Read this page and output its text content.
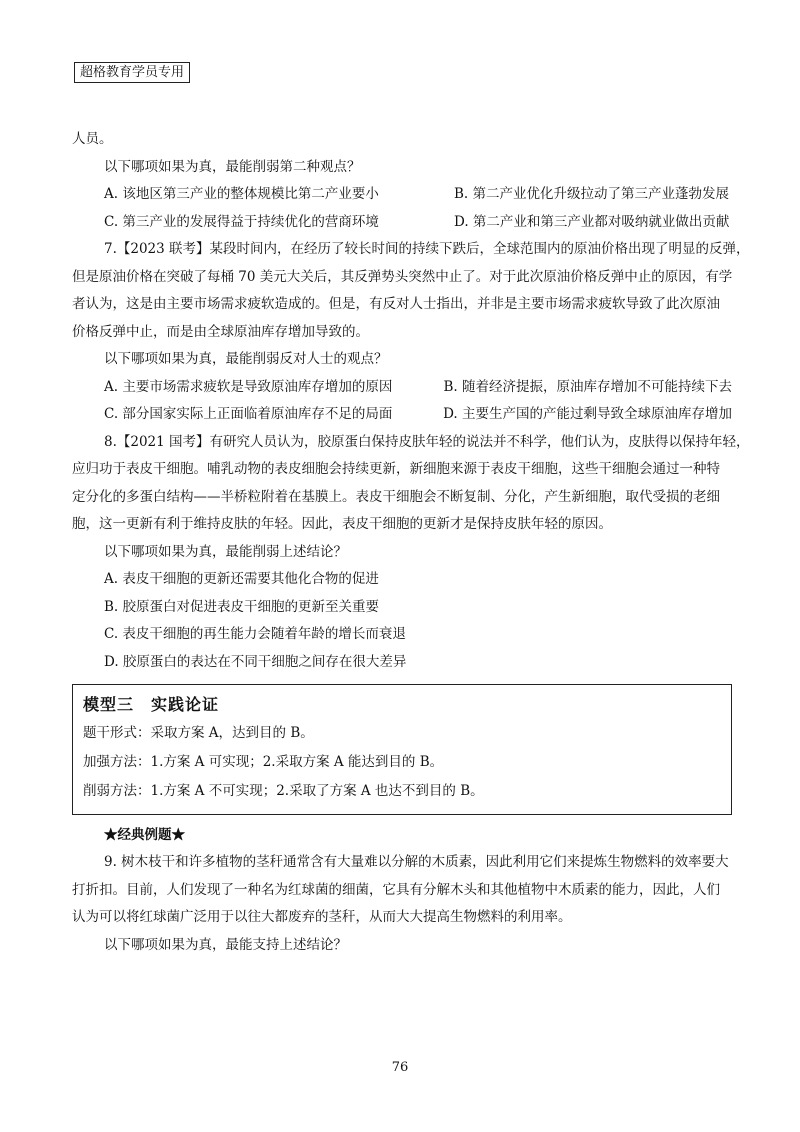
超格教育学员专用
人员。
以下哪项如果为真，最能削弱第二种观点？
A. 该地区第三产业的整体规模比第二产业要小	B. 第二产业优化升级拉动了第三产业蓬勃发展
C. 第三产业的发展得益于持续优化的营商环境	D. 第二产业和第三产业都对吸纳就业做出贡献
7.【2023 联考】某段时间内，在经历了较长时间的持续下跌后，全球范围内的原油价格出现了明显的反弹，
但是原油价格在突破了每桶 70 美元大关后，其反弹势头突然中止了。对于此次原油价格反弹中止的原因，有学
者认为，这是由主要市场需求疲软造成的。但是，有反对人士指出，并非是主要市场需求疲软导致了此次原油
价格反弹中止，而是由全球原油库存增加导致的。
以下哪项如果为真，最能削弱反对人士的观点？
A. 主要市场需求疲软是导致原油库存增加的原因	B. 随着经济提振，原油库存增加不可能持续下去
C. 部分国家实际上正面临着原油库存不足的局面	D. 主要生产国的产能过剩导致全球原油库存增加
8.【2021 国考】有研究人员认为，胶原蛋白保持皮肤年轻的说法并不科学，他们认为，皮肤得以保持年轻，
应归功于表皮干细胞。哺乳动物的表皮细胞会持续更新，新细胞来源于表皮干细胞，这些干细胞会通过一种特
定分化的多蛋白结构——半桥粒附着在基膜上。表皮干细胞会不断复制、分化，产生新细胞，取代受损的老细
胞，这一更新有利于维持皮肤的年轻。因此，表皮干细胞的更新才是保持皮肤年轻的原因。
以下哪项如果为真，最能削弱上述结论？
A. 表皮干细胞的更新还需要其他化合物的促进
B. 胶原蛋白对促进表皮干细胞的更新至关重要
C. 表皮干细胞的再生能力会随着年龄的增长而衰退
D. 胶原蛋白的表达在不同干细胞之间存在很大差异
模型三　实践论证
题干形式：采取方案 A，达到目的 B。
加强方法：1.方案 A 可实现；2.采取方案 A 能达到目的 B。
削弱方法：1.方案 A 不可实现；2.采取了方案 A 也达不到目的 B。
★经典例题★
9. 树木枝干和许多植物的茎秆通常含有大量难以分解的木质素，因此利用它们来提炼生物燃料的效率要大
打折扣。目前，人们发现了一种名为红球菌的细菌，它具有分解木头和其他植物中木质素的能力，因此，人们
认为可以将红球菌广泛用于以往大都废弃的茎秆，从而大大提高生物燃料的利用率。
以下哪项如果为真，最能支持上述结论？
76
